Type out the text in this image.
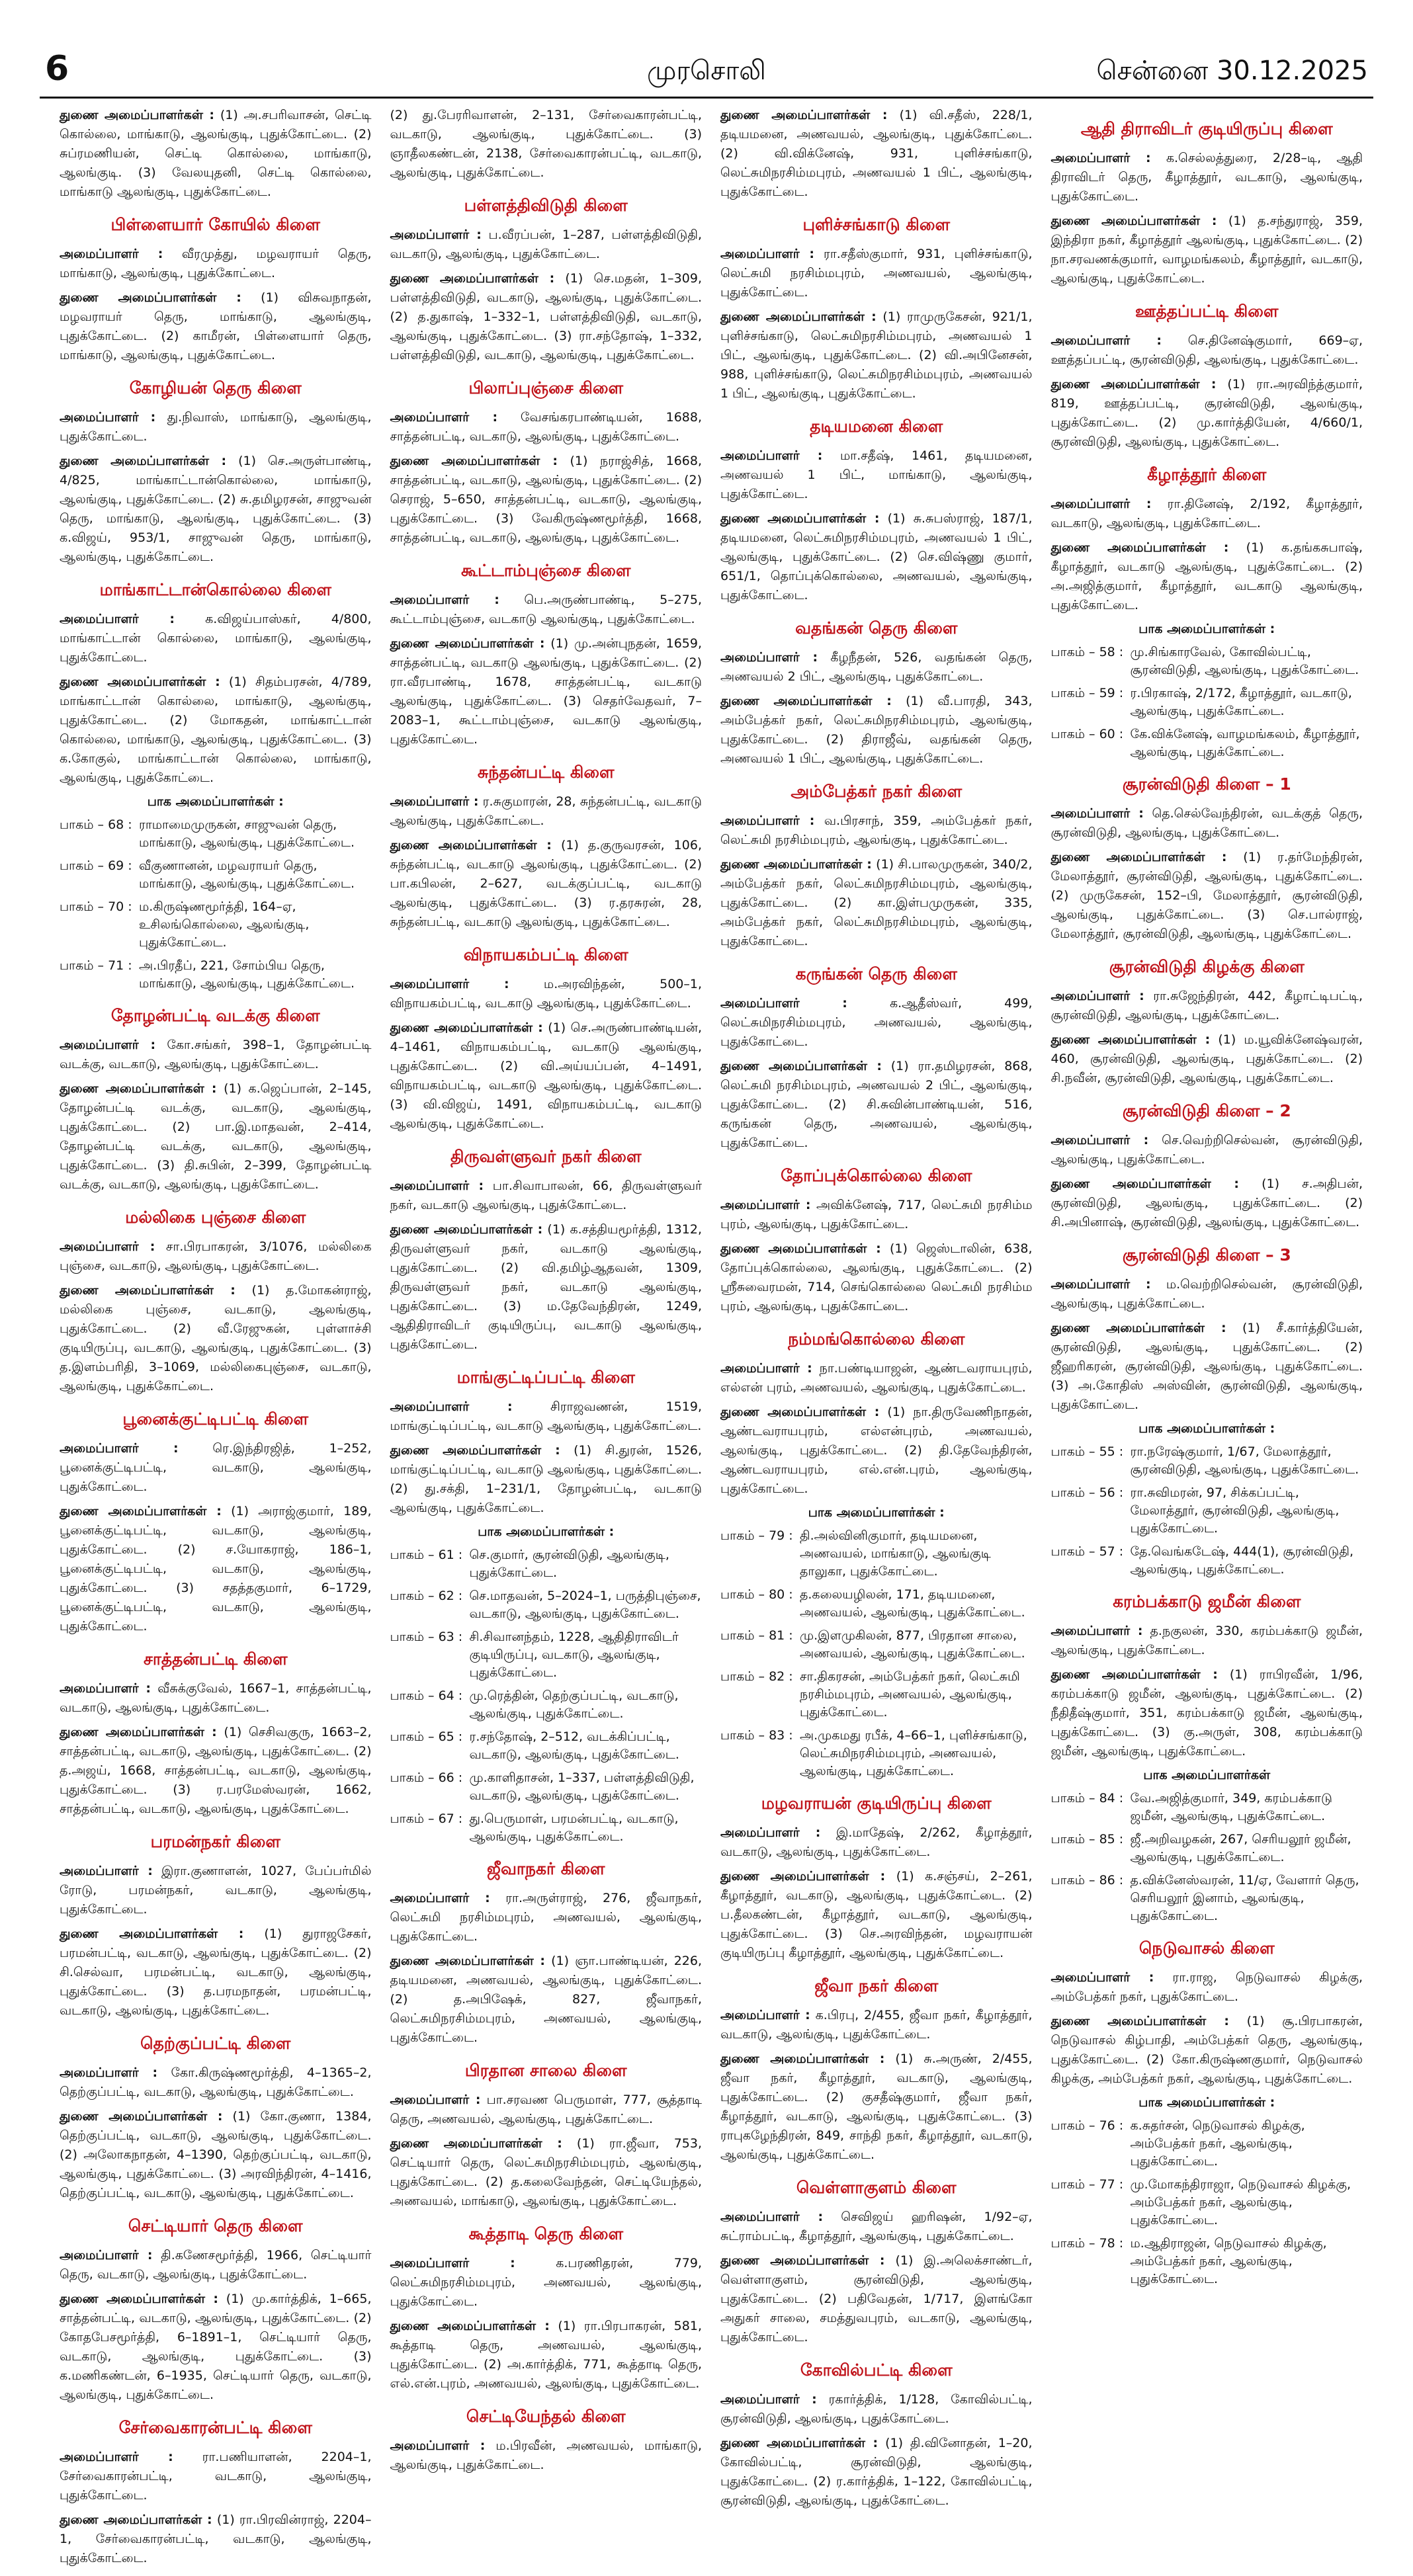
6	முரசொலி	சென்னை 30.12.2025

துணை அமைப்பாளர்கள் : (1) அ.சபரிவாசன், செட்டி கொல்லை, மாங்காடு, ஆலங்குடி, புதுக்கோட்டை. (2) சுப்ரமணியன், செட்டி கொல்லை, மாங்காடு, ஆலங்குடி. (3) வேலயுதனி, செட்டி கொல்லை, மாங்காடு ஆலங்குடி, புதுக்கோட்டை.

பிள்ளையார் கோயில் கிளை

அமைப்பாளர் : வீரமுத்து, மழவராயர் தெரு, மாங்காடு, ஆலங்குடி, புதுக்கோட்டை.

துணை அமைப்பாளர்கள் : (1) விசுவநாதன், மழவராயர் தெரு, மாங்காடு, ஆலங்குடி, புதுக்கோட்டை. (2) காமீரன், பிள்ளையார் தெரு, மாங்காடு, ஆலங்குடி, புதுக்கோட்டை.

கோழியன் தெரு கிளை

அமைப்பாளர் : து.நிவாஸ், மாங்காடு, ஆலங்குடி, புதுக்கோட்டை.

துணை அமைப்பாளர்கள் : (1) செ.அருள்பாண்டி, 4/825, மாங்காட்டான்கொல்லை, மாங்காடு, ஆலங்குடி, புதுக்கோட்டை. (2) சு.தமிழரசன், சாஜுவன் தெரு, மாங்காடு, ஆலங்குடி, புதுக்கோட்டை. (3) க.விஜய், 953/1, சாஜுவன் தெரு, மாங்காடு, ஆலங்குடி, புதுக்கோட்டை.

மாங்காட்டான்கொல்லை கிளை

அமைப்பாளர் : க.விஜய்பாஸ்கர், 4/800, மாங்காட்டான் கொல்லை, மாங்காடு, ஆலங்குடி, புதுக்கோட்டை.

துணை அமைப்பாளர்கள் : (1) சிதம்பரசன், 4/789, மாங்காட்டான் கொல்லை, மாங்காடு, ஆலங்குடி, புதுக்கோட்டை. (2) மோகதன், மாங்காட்டான் கொல்லை, மாங்காடு, ஆலங்குடி, புதுக்கோட்டை. (3) க.கோகுல், மாங்காட்டான் கொல்லை, மாங்காடு, ஆலங்குடி, புதுக்கோட்டை.

பாக அமைப்பாளர்கள் :
பாகம் – 68 : ராமாமைமுருகன், சாஜுவன் தெரு, மாங்காடு, ஆலங்குடி, புதுக்கோட்டை.
பாகம் – 69 : வீகுணானன், மழவராயர் தெரு, மாங்காடு, ஆலங்குடி, புதுக்கோட்டை.
பாகம் – 70 : ம.கிருஷ்ணமூர்த்தி, 164–ஏ, உசிலங்கொல்லை, ஆலங்குடி, புதுக்கோட்டை.
பாகம் – 71 : அ.பிரதீப், 221, சோம்பிய தெரு, மாங்காடு, ஆலங்குடி, புதுக்கோட்டை.
தோழன்பட்டி வடக்கு கிளை

அமைப்பாளர் : கோ.சங்கர், 398–1, தோழன்பட்டி வடக்கு, வடகாடு, ஆலங்குடி, புதுக்கோட்டை.

துணை அமைப்பாளர்கள் : (1) க.ஜெப்பான், 2–145, தோழன்பட்டி வடக்கு, வடகாடு, ஆலங்குடி, புதுக்கோட்டை. (2) பா.இ.மாதவன், 2–414, தோழன்பட்டி வடக்கு, வடகாடு, ஆலங்குடி, புதுக்கோட்டை. (3) தி.சுபின், 2–399, தோழன்பட்டி வடக்கு, வடகாடு, ஆலங்குடி, புதுக்கோட்டை.

மல்லிகை புஞ்சை கிளை

அமைப்பாளர் : சா.பிரபாகரன், 3/1076, மல்லிகை புஞ்சை, வடகாடு, ஆலங்குடி, புதுக்கோட்டை.

துணை அமைப்பாளர்கள் : (1) த.மோகன்ராஜ், மல்லிகை புஞ்சை, வடகாடு, ஆலங்குடி, புதுக்கோட்டை. (2) வீ.ரேஜுகன், புள்ளாச்சி குடியிருப்பு, வடகாடு, ஆலங்குடி, புதுக்கோட்டை. (3) த.இளம்பரிதி, 3–1069, மல்லிகைபுஞ்சை, வடகாடு, ஆலங்குடி, புதுக்கோட்டை.

பூனைக்குட்டிபட்டி கிளை

அமைப்பாளர் :	ரெ.இந்திரஜித், 1–252, பூனைக்குட்டிபட்டி, வடகாடு, ஆலங்குடி, புதுக்கோட்டை.

துணை அமைப்பாளர்கள் : (1) அராஜ்குமார், 189, பூனைக்குட்டிபட்டி, வடகாடு, ஆலங்குடி, புதுக்கோட்டை. (2) ச.யோகராஜ், 186–1, பூனைக்குட்டிபட்டி, வடகாடு, ஆலங்குடி, புதுக்கோட்டை. (3) சதத்தகுமார், 6–1729, பூனைக்குட்டிபட்டி, வடகாடு, ஆலங்குடி, புதுக்கோட்டை.

சாத்தன்பட்டி கிளை

அமைப்பாளர் : வீசுக்குவேல், 1667–1, சாத்தன்பட்டி, வடகாடு, ஆலங்குடி, புதுக்கோட்டை.

துணை அமைப்பாளர்கள் : (1) செசிவகுரு, 1663–2, சாத்தன்பட்டி, வடகாடு, ஆலங்குடி, புதுக்கோட்டை. (2) த.அஜய், 1668, சாத்தன்பட்டி, வடகாடு, ஆலங்குடி, புதுக்கோட்டை. (3) ர.பரமேஸ்வரன், 1662, சாத்தன்பட்டி, வடகாடு, ஆலங்குடி, புதுக்கோட்டை.

பரமன்நகர் கிளை

அமைப்பாளர் : இரா.குணாளன், 1027, பேப்பர்மில் ரோடு, பரமன்நகர், வடகாடு, ஆலங்குடி, புதுக்கோட்டை.

துணை அமைப்பாளர்கள் : (1) துராஜசேகர், பரமன்பட்டி, வடகாடு, ஆலங்குடி, புதுக்கோட்டை. (2) சி.செல்வா, பரமன்பட்டி, வடகாடு, ஆலங்குடி, புதுக்கோட்டை. (3) த.பரமநாதன், பரமன்பட்டி, வடகாடு, ஆலங்குடி, புதுக்கோட்டை.

தெற்குப்பட்டி கிளை

அமைப்பாளர் : கோ.கிருஷ்ணமூர்த்தி, 4–1365–2, தெற்குப்பட்டி, வடகாடு, ஆலங்குடி, புதுக்கோட்டை.

துணை அமைப்பாளர்கள் : (1) கோ.குணா, 1384, தெற்குப்பட்டி, வடகாடு, ஆலங்குடி, புதுக்கோட்டை. (2) அலோகநாதன், 4–1390, தெற்குப்பட்டி, வடகாடு, ஆலங்குடி, புதுக்கோட்டை. (3) அரவிந்திரன், 4–1416, தெற்குப்பட்டி, வடகாடு, ஆலங்குடி, புதுக்கோட்டை.

செட்டியார் தெரு கிளை

அமைப்பாளர் : தி.கணேசமூர்த்தி, 1966, செட்டியார் தெரு, வடகாடு, ஆலங்குடி, புதுக்கோட்டை.

துணை அமைப்பாளர்கள் : (1) மு.கார்த்திக், 1–665, சாத்தன்பட்டி, வடகாடு, ஆலங்குடி, புதுக்கோட்டை. (2) கோதபேசமூர்த்தி, 6–1891–1, செட்டியார் தெரு, வடகாடு, ஆலங்குடி, புதுக்கோட்டை. (3) க.மணிகண்டன், 6–1935, செட்டியார் தெரு, வடகாடு, ஆலங்குடி, புதுக்கோட்டை.

சேர்வைகாரன்பட்டி கிளை

அமைப்பாளர் : ரா.பணியாளன், 2204–1, சேர்வைகாரன்பட்டி, வடகாடு, ஆலங்குடி, புதுக்கோட்டை.

துணை அமைப்பாளர்கள் : (1) ரா.பிரவின்ராஜ், 2204–1, சேர்வைகாரன்பட்டி, வடகாடு, ஆலங்குடி, புதுக்கோட்டை.

(2) து.பேரரிவாளன், 2–131, சேர்வைகாரன்பட்டி, வடகாடு, ஆலங்குடி, புதுக்கோட்டை. (3) ஞாதீலகண்டன், 2138, சேர்வைகாரன்பட்டி, வடகாடு, ஆலங்குடி, புதுக்கோட்டை.

பள்ளத்திவிடுதி கிளை

அமைப்பாளர் : ப.வீரப்பன், 1–287, பள்ளத்திவிடுதி, வடகாடு, ஆலங்குடி, புதுக்கோட்டை.

துணை அமைப்பாளர்கள் : (1) செ.மதன், 1–309, பள்ளத்திவிடுதி, வடகாடு, ஆலங்குடி, புதுக்கோட்டை. (2) த.துகாஷ், 1–332–1, பள்ளத்திவிடுதி, வடகாடு, ஆலங்குடி, புதுக்கோட்டை. (3) ரா.சந்தோஷ், 1–332, பள்ளத்திவிடுதி, வடகாடு, ஆலங்குடி, புதுக்கோட்டை.

பிலாப்புஞ்சை கிளை

அமைப்பாளர் : வேசங்கரபாண்டியன், 1688, சாத்தன்பட்டி, வடகாடு, ஆலங்குடி, புதுக்கோட்டை.

துணை அமைப்பாளர்கள் : (1) நராஜ்சித், 1668, சாத்தன்பட்டி, வடகாடு, ஆலங்குடி, புதுக்கோட்டை. (2) செராஜ், 5–650, சாத்தன்பட்டி, வடகாடு, ஆலங்குடி, புதுக்கோட்டை. (3) வேகிருஷ்ணமூர்த்தி, 1668, சாத்தன்பட்டி, வடகாடு, ஆலங்குடி, புதுக்கோட்டை.

கூட்டாம்புஞ்சை கிளை

அமைப்பாளர் : பெ.அருண்பாண்டி, 5–275, கூட்டாம்புஞ்சை, வடகாடு ஆலங்குடி, புதுக்கோட்டை.

துணை அமைப்பாளர்கள் : (1) மு.அன்புநதன், 1659, சாத்தன்பட்டி, வடகாடு ஆலங்குடி, புதுக்கோட்டை. (2) ரா.வீரபாண்டி, 1678, சாத்தன்பட்டி, வடகாடு ஆலங்குடி, புதுக்கோட்டை. (3) செதர்வேதவர், 7–2083–1, கூட்டாம்புஞ்சை, வடகாடு ஆலங்குடி, புதுக்கோட்டை.

சுந்தன்பட்டி கிளை

அமைப்பாளர் : ர.சுகுமாரன், 28, சுந்தன்பட்டி, வடகாடு ஆலங்குடி, புதுக்கோட்டை.

துணை அமைப்பாளர்கள் : (1) த.குருவரசன், 106, சுந்தன்பட்டி, வடகாடு ஆலங்குடி, புதுக்கோட்டை. (2) பா.கபிலன், 2–627, வடக்குப்பட்டி, வடகாடு ஆலங்குடி, புதுக்கோட்டை. (3) ர.தரசுரன், 28, சுந்தன்பட்டி, வடகாடு ஆலங்குடி, புதுக்கோட்டை.

விநாயகம்பட்டி கிளை

அமைப்பாளர் :	ம.அரவிந்தன், 500–1, விநாயகம்பட்டி, வடகாடு ஆலங்குடி, புதுக்கோட்டை.

துணை அமைப்பாளர்கள் : (1) செ.அருண்பாண்டியன், 4–1461, விநாயகம்பட்டி, வடகாடு ஆலங்குடி, புதுக்கோட்டை. (2) வி.அய்யப்பன், 4–1491, விநாயகம்பட்டி, வடகாடு ஆலங்குடி, புதுக்கோட்டை. (3) வி.விஜய், 1491, விநாயகம்பட்டி, வடகாடு ஆலங்குடி, புதுக்கோட்டை.

திருவள்ளுவர் நகர் கிளை

அமைப்பாளர் : பா.சிவாபாலன், 66, திருவள்ளுவர் நகர், வடகாடு ஆலங்குடி, புதுக்கோட்டை.

துணை அமைப்பாளர்கள் : (1) க.சத்தியமூர்த்தி, 1312, திருவள்ளுவர் நகர், வடகாடு ஆலங்குடி, புதுக்கோட்டை. (2) வி.தமிழ்ஆதவன், 1309, திருவள்ளுவர் நகர், வடகாடு ஆலங்குடி, புதுக்கோட்டை. (3) ம.தேவேந்திரன், 1249, ஆதிதிராவிடர் குடியிருப்பு, வடகாடு ஆலங்குடி, புதுக்கோட்டை.

மாங்குட்டிப்பட்டி கிளை

அமைப்பாளர் :	சிராஜவணன், 1519, மாங்குட்டிப்பட்டி, வடகாடு ஆலங்குடி, புதுக்கோட்டை.

துணை அமைப்பாளர்கள் : (1) சி.துரன், 1526, மாங்குட்டிப்பட்டி, வடகாடு ஆலங்குடி, புதுக்கோட்டை. (2) து.சக்தி, 1–231/1, தோழன்பட்டி, வடகாடு ஆலங்குடி, புதுக்கோட்டை.

பாக அமைப்பாளர்கள் :
பாகம் – 61 : செ.குமார், சூரன்விடுதி, ஆலங்குடி, புதுக்கோட்டை.
பாகம் – 62 : செ.மாதவன், 5–2024–1, பருத்திபுஞ்சை, வடகாடு, ஆலங்குடி, புதுக்கோட்டை.
பாகம் – 63 : சி.சிவானந்தம், 1228, ஆதிதிராவிடர் குடியிருப்பு, வடகாடு, ஆலங்குடி, புதுக்கோட்டை.
பாகம் – 64 : மு.ரெத்தின், தெற்குப்பட்டி, வடகாடு, ஆலங்குடி, புதுக்கோட்டை.
பாகம் – 65 : ர.சந்தோஷ், 2–512, வடக்கிப்பட்டி, வடகாடு, ஆலங்குடி, புதுக்கோட்டை.
பாகம் – 66 : மு.காளிதாசன், 1–337, பள்ளத்திவிடுதி, வடகாடு, ஆலங்குடி, புதுக்கோட்டை.
பாகம் – 67 : து.பெருமாள், பரமன்பட்டி, வடகாடு, ஆலங்குடி, புதுக்கோட்டை.
ஜீவாநகர் கிளை

அமைப்பாளர் : ரா.அருள்ராஜ், 276, ஜீவாநகர், லெட்சுமி நரசிம்மபுரம், அணவயல், ஆலங்குடி, புதுக்கோட்டை.

துணை அமைப்பாளர்கள் : (1) ஞா.பாண்டியன், 226, தடியமனை, அணவயல், ஆலங்குடி, புதுக்கோட்டை. (2) த.அபிஷேக், 827, ஜீவாநகர், லெட்சுமிநரசிம்மபுரம், அணவயல், ஆலங்குடி, புதுக்கோட்டை.

பிரதான சாலை கிளை

அமைப்பாளர் : பா.சரவண பெருமாள், 777, சூத்தாடி தெரு, அணவயல், ஆலங்குடி, புதுக்கோட்டை.

துணை அமைப்பாளர்கள் : (1) ரா.ஜீவா, 753, செட்டியார் தெரு, லெட்சுமிநரசிம்மபுரம், ஆலங்குடி, புதுக்கோட்டை. (2) த.கலைவேந்தன், செட்டியேந்தல், அணவயல், மாங்காடு, ஆலங்குடி, புதுக்கோட்டை.

கூத்தாடி தெரு கிளை

அமைப்பாளர் :	க.பரணிதரன், 779, லெட்சுமிநரசிம்மபுரம், அணவயல், ஆலங்குடி, புதுக்கோட்டை.

துணை அமைப்பாளர்கள் : (1) ரா.பிரபாகரன், 581, கூத்தாடி தெரு, அணவயல், ஆலங்குடி, புதுக்கோட்டை. (2) அ.கார்த்திக், 771, கூத்தாடி தெரு, எல்.என்.புரம், அணவயல், ஆலங்குடி, புதுக்கோட்டை.

செட்டியேந்தல் கிளை

அமைப்பாளர் : ம.பிரவீன், அணவயல், மாங்காடு, ஆலங்குடி, புதுக்கோட்டை.

துணை அமைப்பாளர்கள் : (1) வி.சதீஸ், 228/1, தடியமனை, அணவயல், ஆலங்குடி, புதுக்கோட்டை. (2) வி.விக்னேஷ், 931, புளிச்சங்காடு, லெட்சுமிநரசிம்மபுரம், அணவயல் 1 பிட், ஆலங்குடி, புதுக்கோட்டை.

புளிச்சங்காடு கிளை

அமைப்பாளர் : ரா.சதீஸ்குமார், 931, புளிச்சங்காடு, லெட்சுமி நரசிம்மபுரம், அணவயல், ஆலங்குடி, புதுக்கோட்டை.

துணை அமைப்பாளர்கள் : (1) ராமுருகேசன், 921/1, புளிச்சங்காடு, லெட்சுமிநரசிம்மபுரம், அணவயல் 1 பிட், ஆலங்குடி, புதுக்கோட்டை. (2) வி.அபினேசன், 988, புளிச்சங்காடு, லெட்சுமிநரசிம்மபுரம், அணவயல் 1 பிட், ஆலங்குடி, புதுக்கோட்டை.

தடியமனை கிளை

அமைப்பாளர் : மா.சதீஷ், 1461, தடியமனை, அணவயல் 1 பிட், மாங்காடு, ஆலங்குடி, புதுக்கோட்டை.

துணை அமைப்பாளர்கள் : (1) சு.சுபஸ்ராஜ், 187/1, தடியமனை, லெட்சுமிநரசிம்மபுரம், அணவயல் 1 பிட், ஆலங்குடி, புதுக்கோட்டை. (2) செ.விஷ்ணு குமார், 651/1, தொப்புக்கொல்லை, அணவயல், ஆலங்குடி, புதுக்கோட்டை.

வதங்கன் தெரு கிளை

அமைப்பாளர் : கீழநீதன், 526, வதங்கன் தெரு, அணவயல் 2 பிட், ஆலங்குடி, புதுக்கோட்டை.

துணை அமைப்பாளர்கள் : (1) வீ.பாரதி, 343, அம்பேத்கர் நகர், லெட்சுமிநரசிம்மபுரம், ஆலங்குடி, புதுக்கோட்டை. (2) திராஜீவ், வதங்கன் தெரு, அணவயல் 1 பிட், ஆலங்குடி, புதுக்கோட்டை.

அம்பேத்கர் நகர் கிளை

அமைப்பாளர் : வ.பிரசாந், 359, அம்பேத்கர் நகர், லெட்சுமி நரசிம்மபுரம், ஆலங்குடி, புதுக்கோட்டை.

துணை அமைப்பாளர்கள் : (1) சி.பாலமுருகன், 340/2, அம்பேத்கர் நகர், லெட்சுமிநரசிம்மபுரம், ஆலங்குடி, புதுக்கோட்டை. (2) கா.இள்பமுருகன், 335, அம்பேத்கர் நகர், லெட்சுமிநரசிம்மபுரம், ஆலங்குடி, புதுக்கோட்டை.

கருங்கன் தெரு கிளை

அமைப்பாளர் :	க.ஆதீஸ்வர், 499, லெட்சுமிநரசிம்மபுரம், அணவயல், ஆலங்குடி, புதுக்கோட்டை.

துணை அமைப்பாளர்கள் : (1) ரா.தமிழரசன், 868, லெட்சுமி நரசிம்மபுரம், அணவயல் 2 பிட், ஆலங்குடி, புதுக்கோட்டை. (2) சி.சுவின்பாண்டியன், 516, கருங்கன் தெரு, அணவயல், ஆலங்குடி, புதுக்கோட்டை.

தோப்புக்கொல்லை கிளை

அமைப்பாளர் : அவிக்னேஷ், 717, லெட்சுமி நரசிம்ம புரம், ஆலங்குடி, புதுக்கோட்டை.

துணை அமைப்பாளர்கள் : (1) ஜெஸ்டாலின், 638, தோப்புக்கொல்லை, ஆலங்குடி, புதுக்கோட்டை. (2) ஸ்ரீசுவைரமன், 714, செங்கொல்லை லெட்சுமி நரசிம்ம புரம், ஆலங்குடி, புதுக்கோட்டை.

நம்மங்கொல்லை கிளை

அமைப்பாளர் : நா.பண்டியாஜன், ஆண்டவராயபுரம், எல்என் புரம், அணவயல், ஆலங்குடி, புதுக்கோட்டை.

துணை அமைப்பாளர்கள் : (1) நா.திருவேணிநாதன், ஆண்டவராயபுரம், எல்என்புரம், அணவயல், ஆலங்குடி, புதுக்கோட்டை. (2) தி.தேவேந்திரன், ஆண்டவராயபுரம், எல்.என்.புரம், ஆலங்குடி, புதுக்கோட்டை.

பாக அமைப்பாளர்கள் :
பாகம் – 79 : தி.அல்வினிகுமார், தடியமனை, அணவயல், மாங்காடு, ஆலங்குடி தாலுகா, புதுக்கோட்டை.
பாகம் – 80 : த.கலையழிலன், 171, தடியமனை, அணவயல், ஆலங்குடி, புதுக்கோட்டை.
பாகம் – 81 : மு.இளமுகிலன், 877, பிரதான சாலை, அணவயல், ஆலங்குடி, புதுக்கோட்டை.
பாகம் – 82 : சா.திகரசன், அம்பேத்கர் நகர், லெட்சுமி நரசிம்மபுரம், அணவயல், ஆலங்குடி, புதுக்கோட்டை.
பாகம் – 83 : அ.முகமது ரபீக், 4–66–1, புளிச்சங்காடு, லெட்சுமிநரசிம்மபுரம், அணவயல், ஆலங்குடி, புதுக்கோட்டை.
மழவராயன் குடியிருப்பு கிளை

அமைப்பாளர் : இ.மாதேஷ், 2/262, கீழாத்தூர், வடகாடு, ஆலங்குடி, புதுக்கோட்டை.

துணை அமைப்பாளர்கள் : (1) க.சஞ்சய், 2–261, கீழாத்தூர், வடகாடு, ஆலங்குடி, புதுக்கோட்டை. (2) ப.தீலகண்டன், கீழாத்தூர், வடகாடு, ஆலங்குடி, புதுக்கோட்டை. (3) செ.அரவிந்தன், மழவராயன் குடியிருப்பு கீழாத்தூர், ஆலங்குடி, புதுக்கோட்டை.

ஜீவா நகர் கிளை

அமைப்பாளர் : க.பிரபு, 2/455, ஜீவா நகர், கீழாத்தூர், வடகாடு, ஆலங்குடி, புதுக்கோட்டை.

துணை அமைப்பாளர்கள் : (1) சு.அருண், 2/455, ஜீவா நகர், கீழாத்தூர், வடகாடு, ஆலங்குடி, புதுக்கோட்டை. (2) குசதீஷ்குமார், ஜீவா நகர், கீழாத்தூர், வடகாடு, ஆலங்குடி, புதுக்கோட்டை. (3) ராபுகழேந்திரன், 849, சாந்தி நகர், கீழாத்தூர், வடகாடு, ஆலங்குடி, புதுக்கோட்டை.

வெள்ளாகுளம் கிளை

அமைப்பாளர் : செவிஜய் ஹரிஷன், 1/92–ஏ, சுட்ராம்பட்டி, கீழாத்தூர், ஆலங்குடி, புதுக்கோட்டை.

துணை அமைப்பாளர்கள் : (1) இ.அலெக்சாண்டர், வெள்ளாகுளம், சூரன்விடுதி, ஆலங்குடி, புதுக்கோட்டை. (2) பதிவேதன், 1/717, இளங்கோ அதுகர் சாலை, சமத்துவபுரம், வடகாடு, ஆலங்குடி, புதுக்கோட்டை.

கோவில்பட்டி கிளை

அமைப்பாளர் : ரகார்த்திக், 1/128, கோவில்பட்டி, சூரன்விடுதி, ஆலங்குடி, புதுக்கோட்டை.

துணை அமைப்பாளர்கள் : (1) தி.வினோதன், 1–20, கோவில்பட்டி, சூரன்விடுதி, ஆலங்குடி, புதுக்கோட்டை. (2) ர.கார்த்திக், 1–122, கோவில்பட்டி, சூரன்விடுதி, ஆலங்குடி, புதுக்கோட்டை.

ஆதி திராவிடர் குடியிருப்பு கிளை

அமைப்பாளர் : க.செல்லத்துரை, 2/28–டி, ஆதி திராவிடர் தெரு, கீழாத்தூர், வடகாடு, ஆலங்குடி, புதுக்கோட்டை.

துணை அமைப்பாளர்கள் : (1) த.சந்துராஜ், 359, இந்திரா நகர், கீழாத்தூர் ஆலங்குடி, புதுக்கோட்டை. (2) நா.சரவணக்குமார், வாழமங்கலம், கீழாத்தூர், வடகாடு, ஆலங்குடி, புதுக்கோட்டை.

ஊத்தப்பட்டி கிளை

அமைப்பாளர் : செ.தினேஷ்குமார், 669–ஏ, ஊத்தப்பட்டி, சூரன்விடுதி, ஆலங்குடி, புதுக்கோட்டை.

துணை அமைப்பாளர்கள் : (1) ரா.அரவிந்த்குமார், 819, ஊத்தப்பட்டி, சூரன்விடுதி, ஆலங்குடி, புதுக்கோட்டை. (2) மு.கார்த்தியேன், 4/660/1, சூரன்விடுதி, ஆலங்குடி, புதுக்கோட்டை.

கீழாத்தூர் கிளை

அமைப்பாளர் : ரா.தினேஷ், 2/192, கீழாத்தூர், வடகாடு, ஆலங்குடி, புதுக்கோட்டை.

துணை அமைப்பாளர்கள் : (1) க.தங்கசுபாஷ், கீழாத்தூர், வடகாடு ஆலங்குடி, புதுக்கோட்டை. (2) அ.அஜித்குமார், கீழாத்தூர், வடகாடு ஆலங்குடி, புதுக்கோட்டை.

பாக அமைப்பாளர்கள் :
பாகம் – 58 : மு.சிங்காரவேல், கோவில்பட்டி, சூரன்விடுதி, ஆலங்குடி, புதுக்கோட்டை.
பாகம் – 59 : ர.பிரகாஷ், 2/172, கீழாத்தூர், வடகாடு, ஆலங்குடி, புதுக்கோட்டை.
பாகம் – 60 : கே.விக்னேஷ், வாழமங்கலம், கீழாத்தூர், ஆலங்குடி, புதுக்கோட்டை.
சூரன்விடுதி கிளை – 1

அமைப்பாளர் : தெ.செல்வேந்திரன், வடக்குத் தெரு, சூரன்விடுதி, ஆலங்குடி, புதுக்கோட்டை.

துணை அமைப்பாளர்கள் : (1) ர.தர்மேந்திரன், மேலாத்தூர், சூரன்விடுதி, ஆலங்குடி, புதுக்கோட்டை. (2) முருகேசன், 152–பி, மேலாத்தூர், சூரன்விடுதி, ஆலங்குடி, புதுக்கோட்டை. (3) செ.பால்ராஜ், மேலாத்தூர், சூரன்விடுதி, ஆலங்குடி, புதுக்கோட்டை.

சூரன்விடுதி கிழக்கு கிளை

அமைப்பாளர் : ரா.சுஜேந்திரன், 442, கீழாட்டிபட்டி, சூரன்விடுதி, ஆலங்குடி, புதுக்கோட்டை.

துணை அமைப்பாளர்கள் : (1) ம.யூவிக்னேஷ்வரன், 460, சூரன்விடுதி, ஆலங்குடி, புதுக்கோட்டை. (2) சி.நவீன், சூரன்விடுதி, ஆலங்குடி, புதுக்கோட்டை.

சூரன்விடுதி கிளை – 2

அமைப்பாளர் : செ.வெற்றிசெல்வன், சூரன்விடுதி, ஆலங்குடி, புதுக்கோட்டை.

துணை அமைப்பாளர்கள் : (1) ச.அதிபன், சூரன்விடுதி, ஆலங்குடி, புதுக்கோட்டை. (2) சி.அபினாஷ், சூரன்விடுதி, ஆலங்குடி, புதுக்கோட்டை.

சூரன்விடுதி கிளை – 3

அமைப்பாளர் : ம.வெற்றிசெல்வன், சூரன்விடுதி, ஆலங்குடி, புதுக்கோட்டை.

துணை அமைப்பாளர்கள் : (1) சீ.கார்த்தியேன், சூரன்விடுதி, ஆலங்குடி, புதுக்கோட்டை. (2) ஜீஹரிகரன், சூரன்விடுதி, ஆலங்குடி, புதுக்கோட்டை. (3) அ.கோதிஸ் அஸ்வின், சூரன்விடுதி, ஆலங்குடி, புதுக்கோட்டை.

பாக அமைப்பாளர்கள் :
பாகம் – 55 : ரா.நரேஷ்குமார், 1/67, மேலாத்தூர், சூரன்விடுதி, ஆலங்குடி, புதுக்கோட்டை.
பாகம் – 56 : ரா.சுவிமரன், 97, சிக்கப்பட்டி, மேலாத்தூர், சூரன்விடுதி, ஆலங்குடி, புதுக்கோட்டை.
பாகம் – 57 : தே.வெங்கடேஷ், 444(1), சூரன்விடுதி, ஆலங்குடி, புதுக்கோட்டை.
கரம்பக்காடு ஜமீன் கிளை

அமைப்பாளர் : த.நகுலன், 330, கரம்பக்காடு ஜமீன், ஆலங்குடி, புதுக்கோட்டை.

துணை அமைப்பாளர்கள் : (1) ராபிரவீன், 1/96, கரம்பக்காடு ஜமீன், ஆலங்குடி, புதுக்கோட்டை. (2) நீதிதீஷ்குமார், 351, கரம்பக்காடு ஜமீன், ஆலங்குடி, புதுக்கோட்டை. (3) கு.அருள், 308, கரம்பக்காடு ஜமீன், ஆலங்குடி, புதுக்கோட்டை.

பாக அமைப்பாளர்கள்
பாகம் – 84 : வே.அஜித்குமார், 349, கரம்பக்காடு ஜமீன், ஆலங்குடி, புதுக்கோட்டை.
பாகம் – 85 : ஜீ.அறிவழகன், 267, செரியலூர் ஜமீன், ஆலங்குடி, புதுக்கோட்டை.
பாகம் – 86 : த.விக்னேஸ்வரன், 11/ஏ, வேளார் தெரு, செரியலூர் இனாம், ஆலங்குடி, புதுக்கோட்டை.
நெடுவாசல் கிளை

அமைப்பாளர் : ரா.ராஜ, நெடுவாசல் கிழக்கு, அம்பேத்கர் நகர், புதுக்கோட்டை.

துணை அமைப்பாளர்கள் : (1) சூ.பிரபாகரன், நெடுவாசல் கிழ்பாதி, அம்பேத்கர் தெரு, ஆலங்குடி, புதுக்கோட்டை. (2) கோ.கிருஷ்ணகுமார், நெடுவாசல் கிழக்கு, அம்பேத்கர் நகர், ஆலங்குடி, புதுக்கோட்டை.

பாக அமைப்பாளர்கள் :
பாகம் – 76 : க.சுதர்சன், நெடுவாசல் கிழக்கு, அம்பேத்கர் நகர், ஆலங்குடி, புதுக்கோட்டை.
பாகம் – 77 : மு.மோகந்திராஜா, நெடுவாசல் கிழக்கு, அம்பேத்கர் நகர், ஆலங்குடி, புதுக்கோட்டை.
பாகம் – 78 : ம.ஆதிராஜன், நெடுவாசல் கிழக்கு, அம்பேத்கர் நகர், ஆலங்குடி, புதுக்கோட்டை.
